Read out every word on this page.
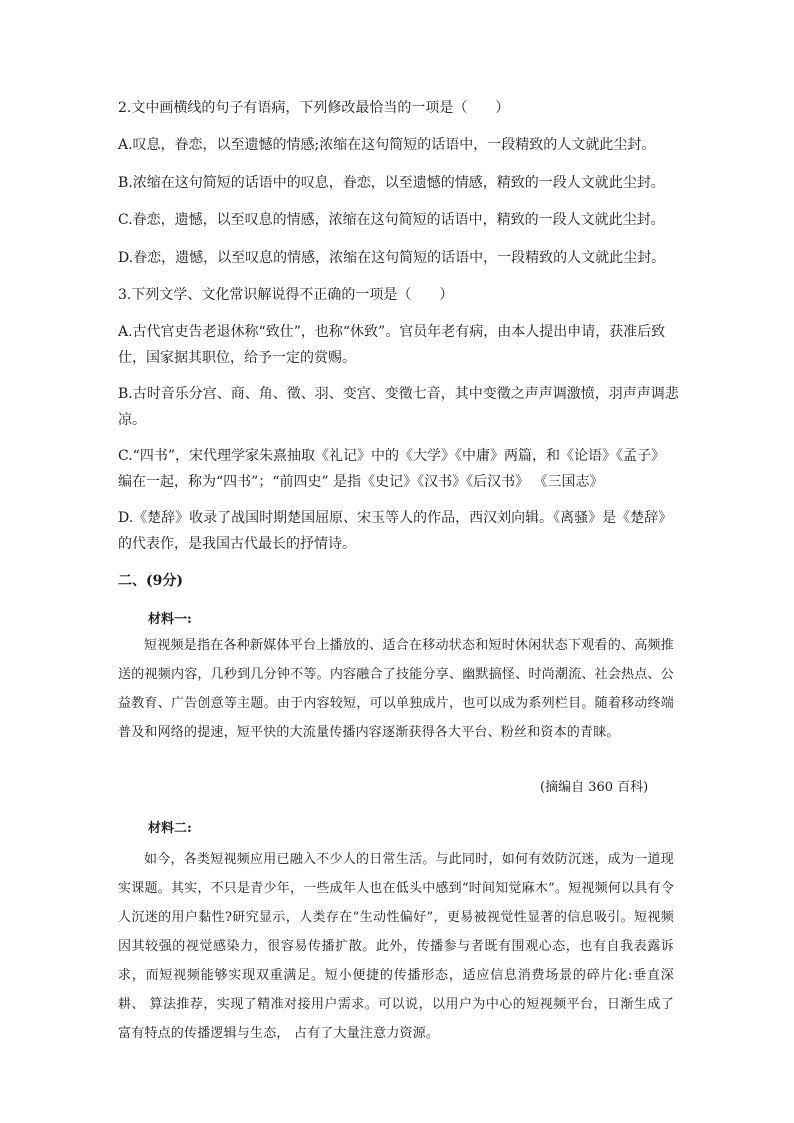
2.文中画横线的句子有语病，下列修改最恰当的一项是（　　）

A.叹息，眷恋，以至遗憾的情感;浓缩在这句简短的话语中，一段精致的人文就此尘封。

B.浓缩在这句简短的话语中的叹息，眷恋，以至遗憾的情感，精致的一段人文就此尘封。

C.眷恋，遗憾，以至叹息的情感，浓缩在这句简短的话语中，精致的一段人文就此尘封。

D.眷恋，遗憾，以至叹息的情感，浓缩在这句简短的话语中，一段精致的人文就此尘封。

3.下列文学、文化常识解说得不正确的一项是（　　）

A.古代官吏告老退休称“致仕”，也称“休致”。官员年老有病，由本人提出申请，获准后致

仕，国家据其职位，给予一定的赏赐。

B.古时音乐分宫、商、角、徵、羽、变宫、变徵七音，其中变徵之声声调激愤，羽声声调悲

凉。

C.“四书”，宋代理学家朱熹抽取《礼记》中的《大学》《中庸》两篇，和《论语》《孟子》

编在一起，称为“四书”；“前四史” 是指《史记》《汉书》《后汉书》 《三国志》

D.《楚辞》收录了战国时期楚国屈原、宋玉等人的作品，西汉刘向辑。《离骚》是《楚辞》

的代表作，是我国古代最长的抒情诗。

二、(9分)

材料一:

短视频是指在各种新媒体平台上播放的、适合在移动状态和短时休闲状态下观看的、高频推送的视频内容，几秒到几分钟不等。内容融合了技能分享、幽默搞怪、时尚潮流、社会热点、公益教育、广告创意等主题。由于内容较短，可以单独成片，也可以成为系列栏目。随着移动终端普及和网络的提速，短平快的大流量传播内容逐渐获得各大平台、粉丝和资本的青睐。

(摘编自 360 百科)

材料二:

如今，各类短视频应用已融入不少人的日常生活。与此同时，如何有效防沉迷，成为一道现实课题。其实，不只是青少年，一些成年人也在低头中感到“时间知觉麻木”。短视频何以具有令人沉迷的用户黏性?研究显示，人类存在“生动性偏好”，更易被视觉性显著的信息吸引。短视频因其较强的视觉感染力，很容易传播扩散。此外，传播参与者既有围观心态，也有自我表露诉求，而短视频能够实现双重满足。短小便捷的传播形态，适应信息消费场景的碎片化:垂直深耕、 算法推荐，实现了精准对接用户需求。可以说，以用户为中心的短视频平台，日渐生成了富有特点的传播逻辑与生态， 占有了大量注意力资源。
